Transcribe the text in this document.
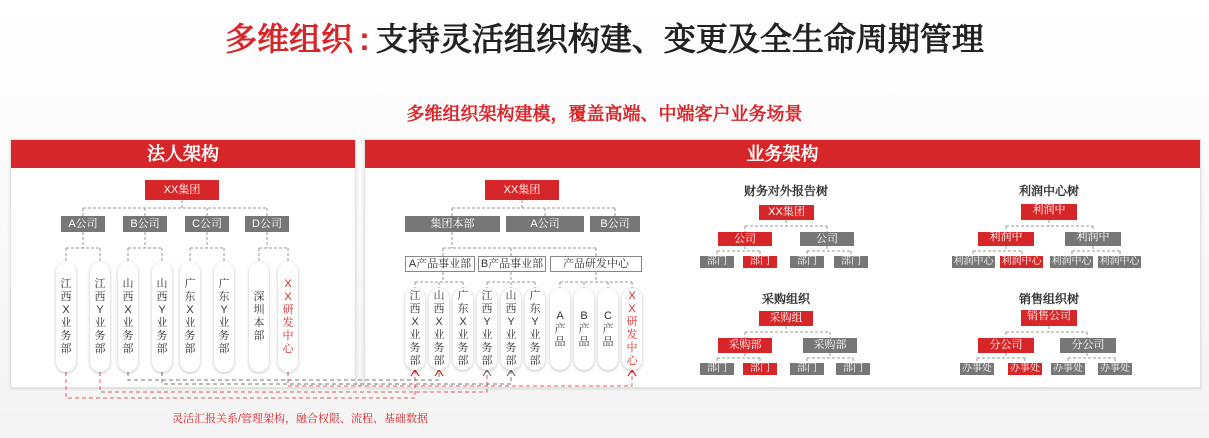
多维组织 : 支持灵活组织构建、变更及全生命周期管理
多维组织架构建模，覆盖高端、中端客户业务场景
法人架构	业务架构
XX集团
A公司	B公司	C公司	D公司
江西X业务部
江西Y业务部
山西X业务部
山西Y业务部
广东X业务部
广东Y业务部
深圳本部
XX研发中心
XX集团
集团本部	A公司	B公司
A产品事业部 B产品事业部	产品研发中心
江西X业务部
山西X业务部
广东X业务部
江西Y业务部
山西Y业务部
广东Y业务部
A产品
B产品
C产品
XX研发中心
财务对外报告树
XX集团
公司	公司
部门	部门	部门	部门
利润中心树
利润中
利润中	利润中
利润中心 利润中心 利润中心 利润中心
采购组织
采购组
采购部	采购部
部门	部门	部门	部门
销售组织树
销售公司
分公司	分公司
办事处 办事处 办事处 办事处
灵活汇报关系/管理架构，融合权限、流程、基础数据
